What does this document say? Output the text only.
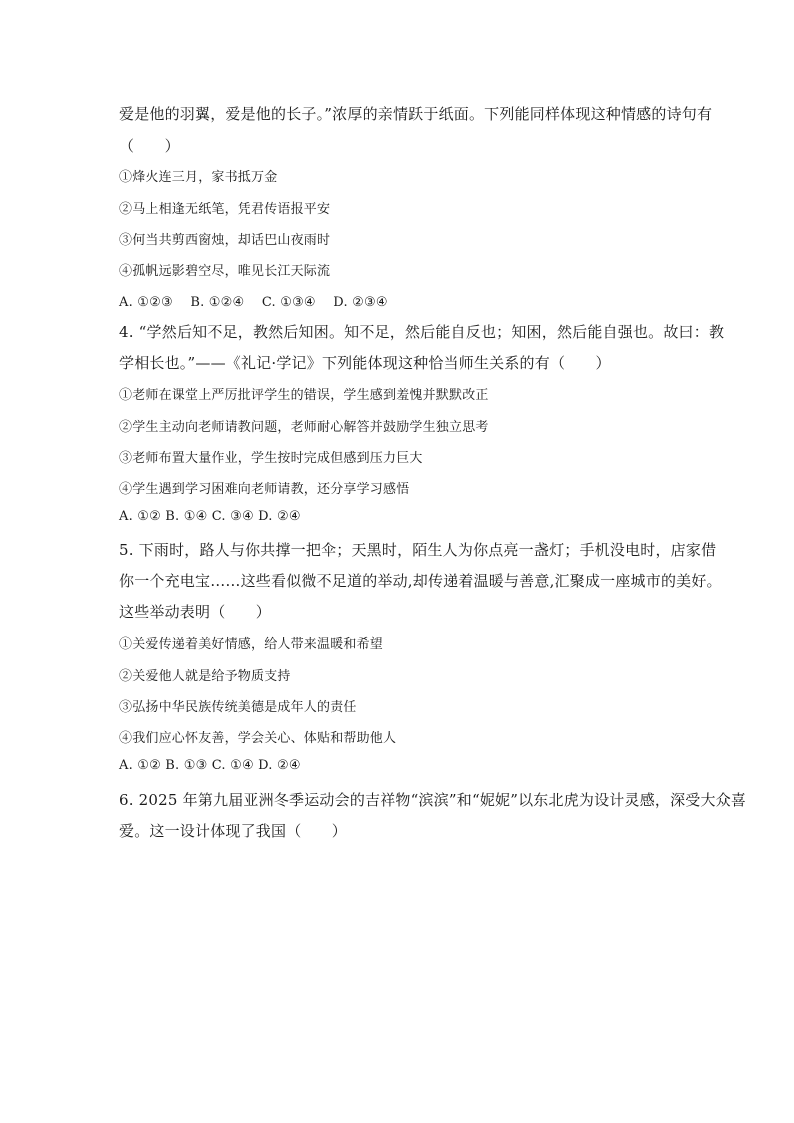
爱是他的羽翼，爱是他的长子。”浓厚的亲情跃于纸面。下列能同样体现这种情感的诗句有
（　　）
①烽火连三月，家书抵万金
②马上相逢无纸笔，凭君传语报平安
③何当共剪西窗烛，却话巴山夜雨时
④孤帆远影碧空尽，唯见长江天际流
A. ①②③　 B. ①②④　 C. ①③④　 D. ②③④
4. “学然后知不足，教然后知困。知不足，然后能自反也；知困，然后能自强也。故曰：教
学相长也。”——《礼记·学记》下列能体现这种恰当师生关系的有（　　）
①老师在课堂上严厉批评学生的错误，学生感到羞愧并默默改正
②学生主动向老师请教问题，老师耐心解答并鼓励学生独立思考
③老师布置大量作业，学生按时完成但感到压力巨大
④学生遇到学习困难向老师请教，还分享学习感悟
A. ①② B. ①④ C. ③④ D. ②④
5. 下雨时，路人与你共撑一把伞；天黑时，陌生人为你点亮一盏灯；手机没电时，店家借
你一个充电宝……这些看似微不足道的举动,却传递着温暖与善意,汇聚成一座城市的美好。
这些举动表明（　　）
①关爱传递着美好情感，给人带来温暖和希望
②关爱他人就是给予物质支持
③弘扬中华民族传统美德是成年人的责任
④我们应心怀友善，学会关心、体贴和帮助他人
A. ①② B. ①③ C. ①④ D. ②④
6. 2025 年第九届亚洲冬季运动会的吉祥物“滨滨”和“妮妮”以东北虎为设计灵感，深受大众喜
爱。这一设计体现了我国（　　）
